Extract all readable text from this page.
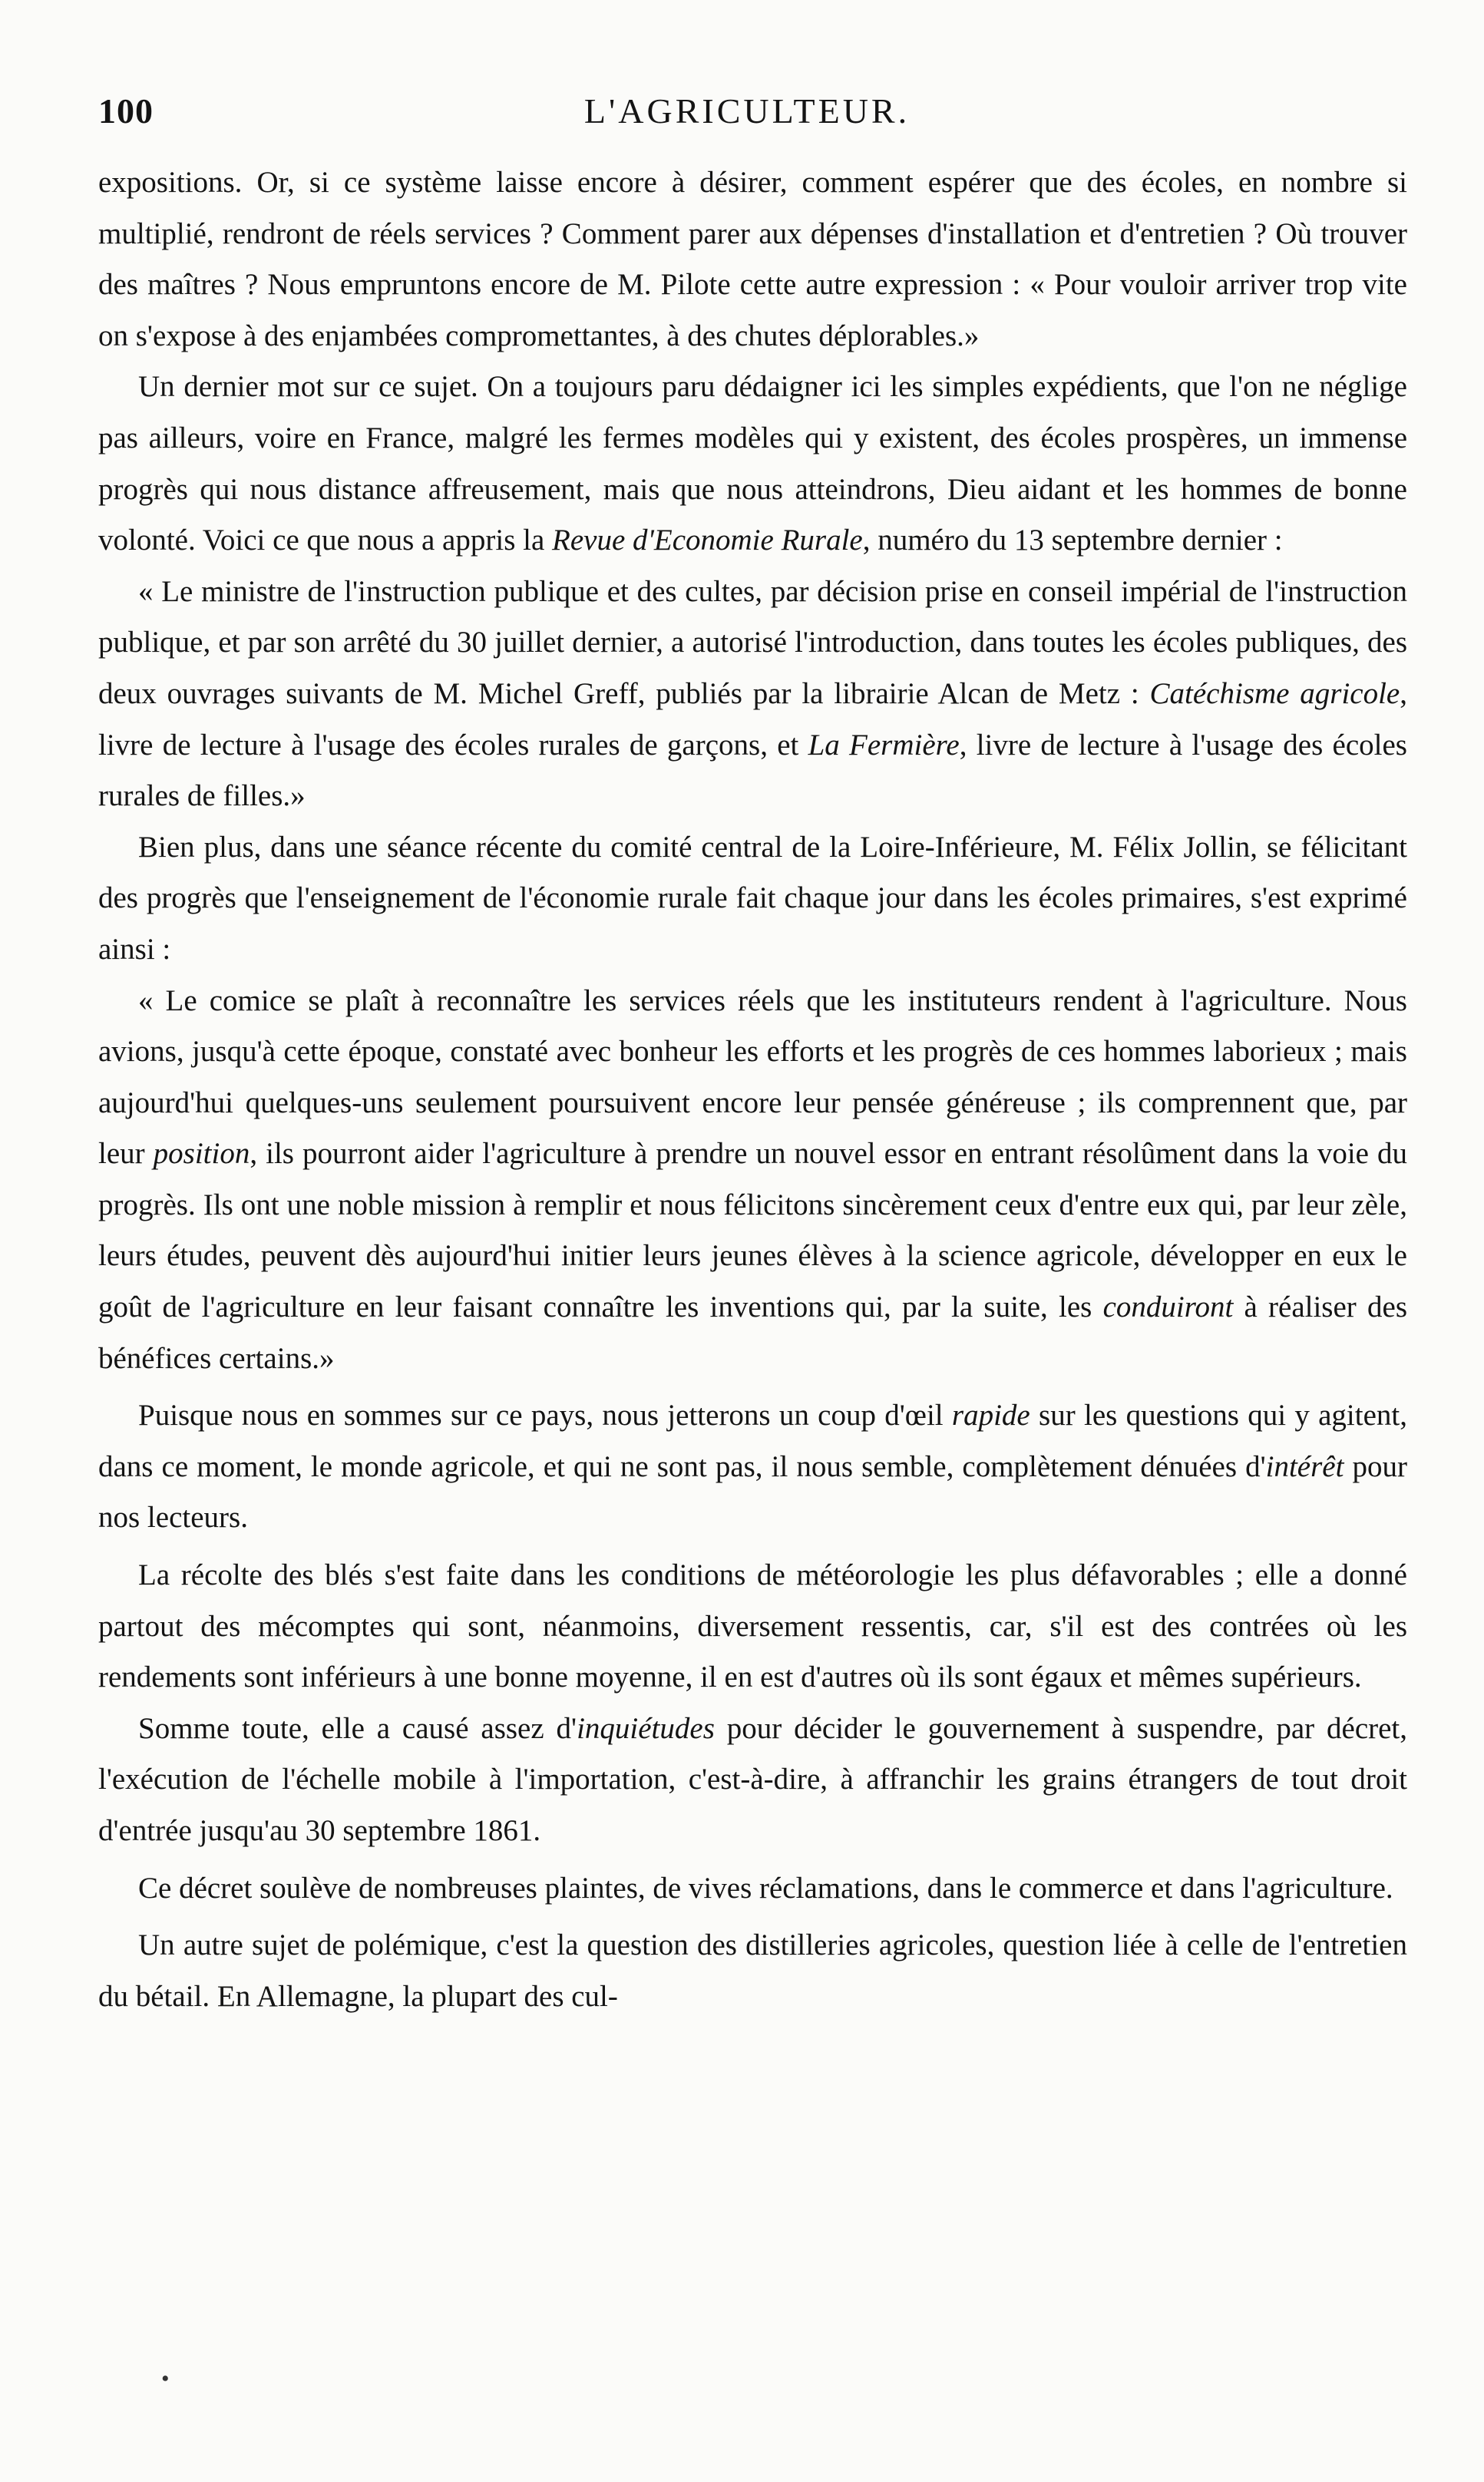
100	L'AGRICULTEUR.

expositions. Or, si ce système laisse encore à désirer, comment espérer que des écoles, en nombre si multiplié, rendront de réels services ? Comment parer aux dépenses d'installation et d'entretien ? Où trouver des maîtres ? Nous empruntons encore de M. Pilote cette autre expression : « Pour vouloir arriver trop vite on s'expose à des enjambées compromettantes, à des chutes déplorables.»

Un dernier mot sur ce sujet. On a toujours paru dédaigner ici les simples expédients, que l'on ne néglige pas ailleurs, voire en France, malgré les fermes modèles qui y existent, des écoles prospères, un immense progrès qui nous distance affreusement, mais que nous atteindrons, Dieu aidant et les hommes de bonne volonté. Voici ce que nous a appris la Revue d'Economie Rurale, numéro du 13 septembre dernier :

« Le ministre de l'instruction publique et des cultes, par décision prise en conseil impérial de l'instruction publique, et par son arrêté du 30 juillet dernier, a autorisé l'introduction, dans toutes les écoles publiques, des deux ouvrages suivants de M. Michel Greff, publiés par la librairie Alcan de Metz : Catéchisme agricole, livre de lecture à l'usage des écoles rurales de garçons, et La Fermière, livre de lecture à l'usage des écoles rurales de filles.»

Bien plus, dans une séance récente du comité central de la Loire-Inférieure, M. Félix Jollin, se félicitant des progrès que l'enseignement de l'économie rurale fait chaque jour dans les écoles primaires, s'est exprimé ainsi :

« Le comice se plaît à reconnaître les services réels que les instituteurs rendent à l'agriculture. Nous avions, jusqu'à cette époque, constaté avec bonheur les efforts et les progrès de ces hommes laborieux ; mais aujourd'hui quelques-uns seulement poursuivent encore leur pensée généreuse ; ils comprennent que, par leur position, ils pourront aider l'agriculture à prendre un nouvel essor en entrant résolûment dans la voie du progrès. Ils ont une noble mission à remplir et nous félicitons sincèrement ceux d'entre eux qui, par leur zèle, leurs études, peuvent dès aujourd'hui initier leurs jeunes élèves à la science agricole, développer en eux le goût de l'agriculture en leur faisant connaître les inventions qui, par la suite, les conduiront à réaliser des bénéfices certains.»

Puisque nous en sommes sur ce pays, nous jetterons un coup d'œil rapide sur les questions qui y agitent, dans ce moment, le monde agricole, et qui ne sont pas, il nous semble, complètement dénuées d'intérêt pour nos lecteurs.

La récolte des blés s'est faite dans les conditions de météorologie les plus défavorables ; elle a donné partout des mécomptes qui sont, néanmoins, diversement ressentis, car, s'il est des contrées où les rendements sont inférieurs à une bonne moyenne, il en est d'autres où ils sont égaux et mêmes supérieurs.

Somme toute, elle a causé assez d'inquiétudes pour décider le gouvernement à suspendre, par décret, l'exécution de l'échelle mobile à l'importation, c'est-à-dire, à affranchir les grains étrangers de tout droit d'entrée jusqu'au 30 septembre 1861.

Ce décret soulève de nombreuses plaintes, de vives réclamations, dans le commerce et dans l'agriculture.

Un autre sujet de polémique, c'est la question des distilleries agricoles, question liée à celle de l'entretien du bétail. En Allemagne, la plupart des cul-

•
